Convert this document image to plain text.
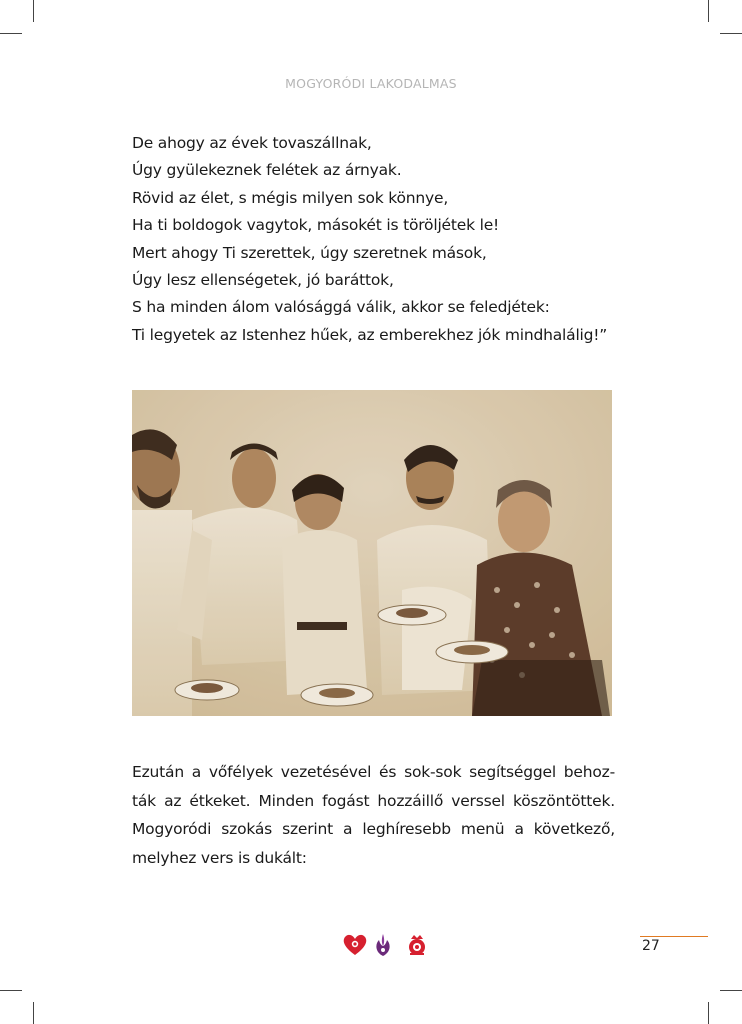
MOGYORÓDI LAKODALMAS
De ahogy az évek tovaszállnak,
Úgy gyülekeznek felétek az árnyak.
Rövid az élet, s mégis milyen sok könnye,
Ha ti boldogok vagytok, másokét is töröljétek le!
Mert ahogy Ti szerettek, úgy szeretnek mások,
Úgy lesz ellenségetek, jó baráttok,
S ha minden álom valósággá válik, akkor se feledjétek:
Ti legyetek az Istenhez hűek, az emberekhez jók mindhalálig!”
Ezután a vőfélyek vezetésével és sok-sok segítséggel behoz-
ták az étkeket. Minden fogást hozzáillő verssel köszöntöttek.
Mogyoródi szokás szerint a leghíresebb menü a következő,
melyhez vers is dukált:
27
